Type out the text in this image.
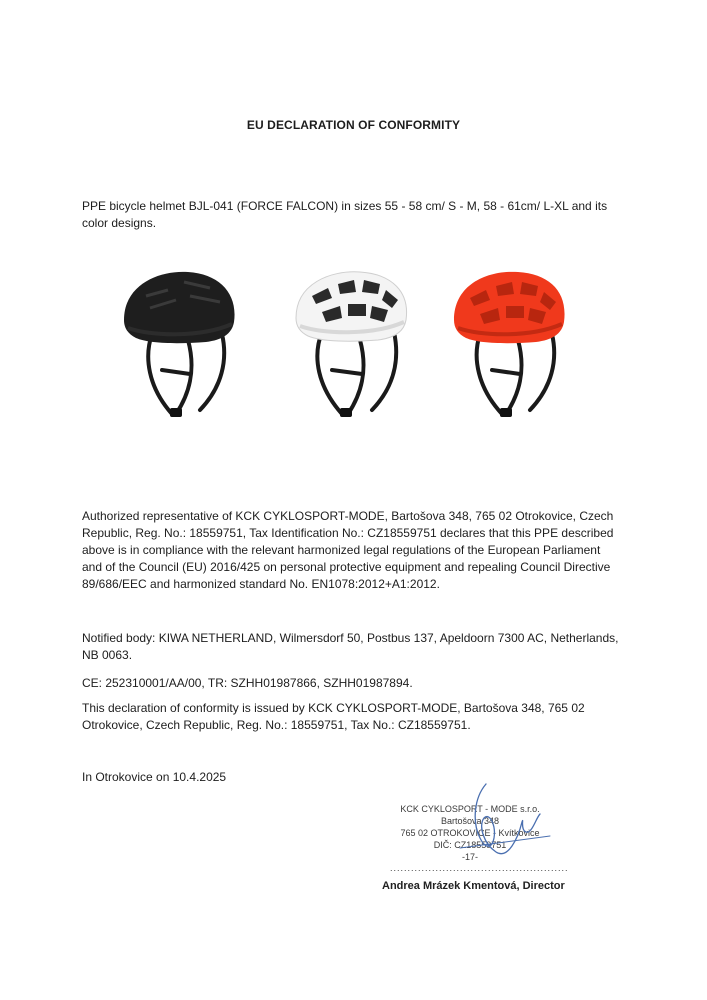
EU DECLARATION OF CONFORMITY
PPE bicycle helmet BJL-041 (FORCE FALCON) in sizes 55 - 58 cm/ S - M, 58 - 61cm/ L-XL and its color designs.
Authorized representative of KCK CYKLOSPORT-MODE, Bartošova 348, 765 02 Otrokovice, Czech Republic, Reg. No.: 18559751, Tax Identification No.: CZ18559751 declares that this PPE described above is in compliance with the relevant harmonized legal regulations of the European Parliament and of the Council (EU) 2016/425 on personal protective equipment and repealing Council Directive 89/686/EEC and harmonized standard No. EN1078:2012+A1:2012.
Notified body: KIWA NETHERLAND, Wilmersdorf 50, Postbus 137, Apeldoorn 7300 AC, Netherlands, NB 0063.
CE: 252310001/AA/00, TR: SZHH01987866, SZHH01987894.
This declaration of conformity is issued by KCK CYKLOSPORT-MODE, Bartošova 348, 765 02 Otrokovice, Czech Republic, Reg. No.: 18559751, Tax No.: CZ18559751.
In Otrokovice on 10.4.2025
KCK CYKLOSPORT - MODE s.r.o.
Bartošova 348
765 02 OTROKOVICE - Kvítkovice
DIČ: CZ18559751
-17-
...................................................
Andrea Mrázek Kmentová, Director
